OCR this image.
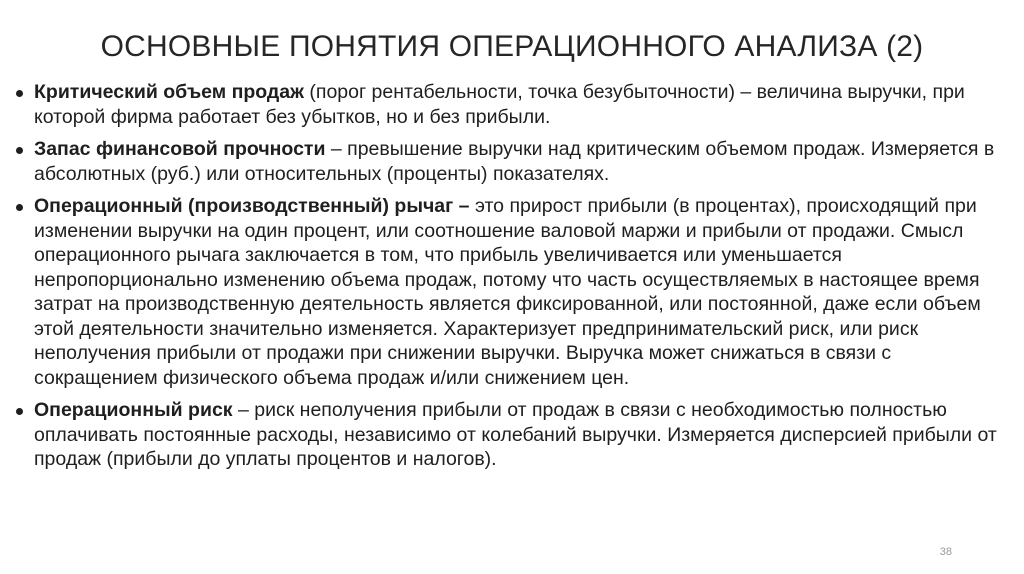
ОСНОВНЫЕ ПОНЯТИЯ ОПЕРАЦИОННОГО АНАЛИЗА (2)
Критический объем продаж (порог рентабельности, точка безубыточности) – величина выручки, при которой фирма работает без убытков, но и без прибыли.
Запас финансовой прочности – превышение выручки над критическим объемом продаж. Измеряется в абсолютных (руб.) или относительных (проценты) показателях.
Операционный (производственный) рычаг – это прирост прибыли (в процентах), происходящий при изменении выручки на один процент, или соотношение валовой маржи и прибыли от продажи. Смысл операционного рычага заключается в том, что прибыль увеличивается или уменьшается непропорционально изменению объема продаж, потому что часть осуществляемых в настоящее время затрат на производственную деятельность является фиксированной, или постоянной, даже если объем этой деятельности значительно изменяется. Характеризует предпринимательский риск, или риск неполучения прибыли от продажи при снижении выручки. Выручка может снижаться в связи с сокращением физического объема продаж и/или снижением цен.
Операционный риск – риск неполучения прибыли от продаж в связи с необходимостью полностью оплачивать постоянные расходы, независимо от колебаний выручки. Измеряется дисперсией прибыли от продаж (прибыли до уплаты процентов и налогов).
38
